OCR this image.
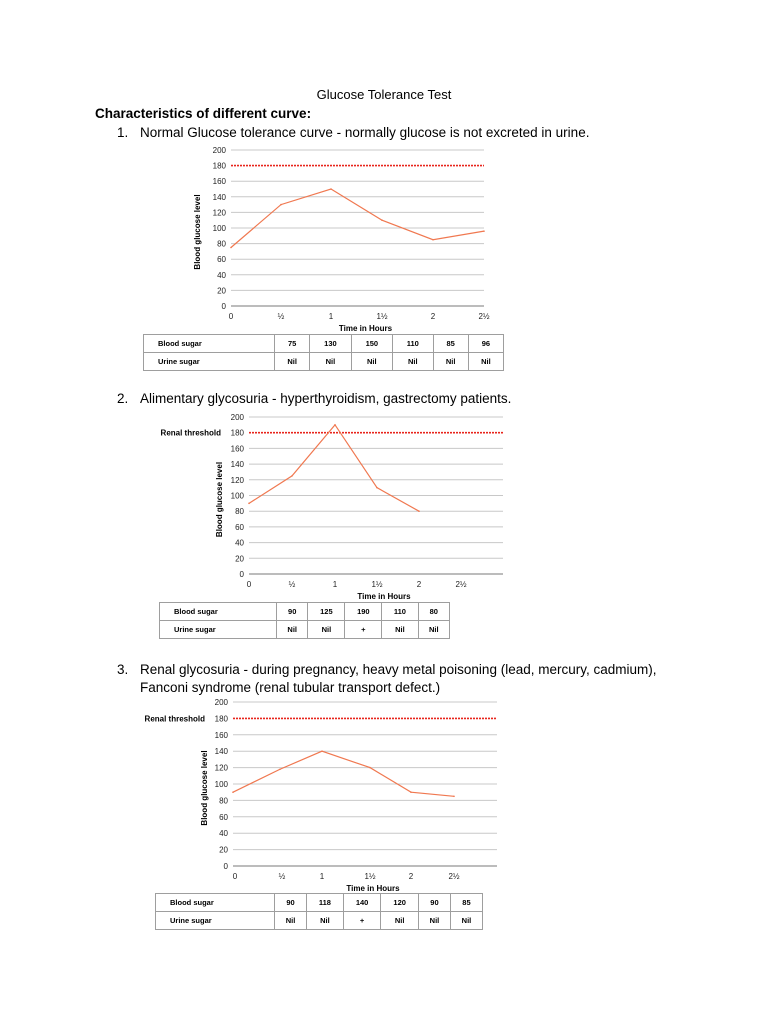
Glucose Tolerance Test
Characteristics of different curve:
1. Normal Glucose tolerance curve - normally glucose is not excreted in urine.
0
20
40
60
80
100
120
140
160
180
200
0	½	1	1½	2	2½
Time in Hours
Blood glucose level
Blood sugar	75	130	150	110	85	96
Urine sugar	Nil	Nil	Nil	Nil	Nil	Nil
2. Alimentary glycosuria - hyperthyroidism, gastrectomy patients.
0
20
40
60
80
100
120
140
160
180
200
Renal threshold
0	½	1	1½	2	2½
Time in Hours
Blood glucose level
Blood sugar	90	125	190	110	80
Urine sugar	Nil	Nil	+	Nil	Nil
3. Renal glycosuria - during pregnancy, heavy metal poisoning (lead, mercury, cadmium),
Fanconi syndrome (renal tubular transport defect.)
0
20
40
60
80
100
120
140
160
180
200
Renal threshold
0	½	1	1½	2	2½
Time in Hours
Blood glucose level
Blood sugar	90	118	140	120	90	85
Urine sugar	Nil	Nil	+	Nil	Nil	Nil
